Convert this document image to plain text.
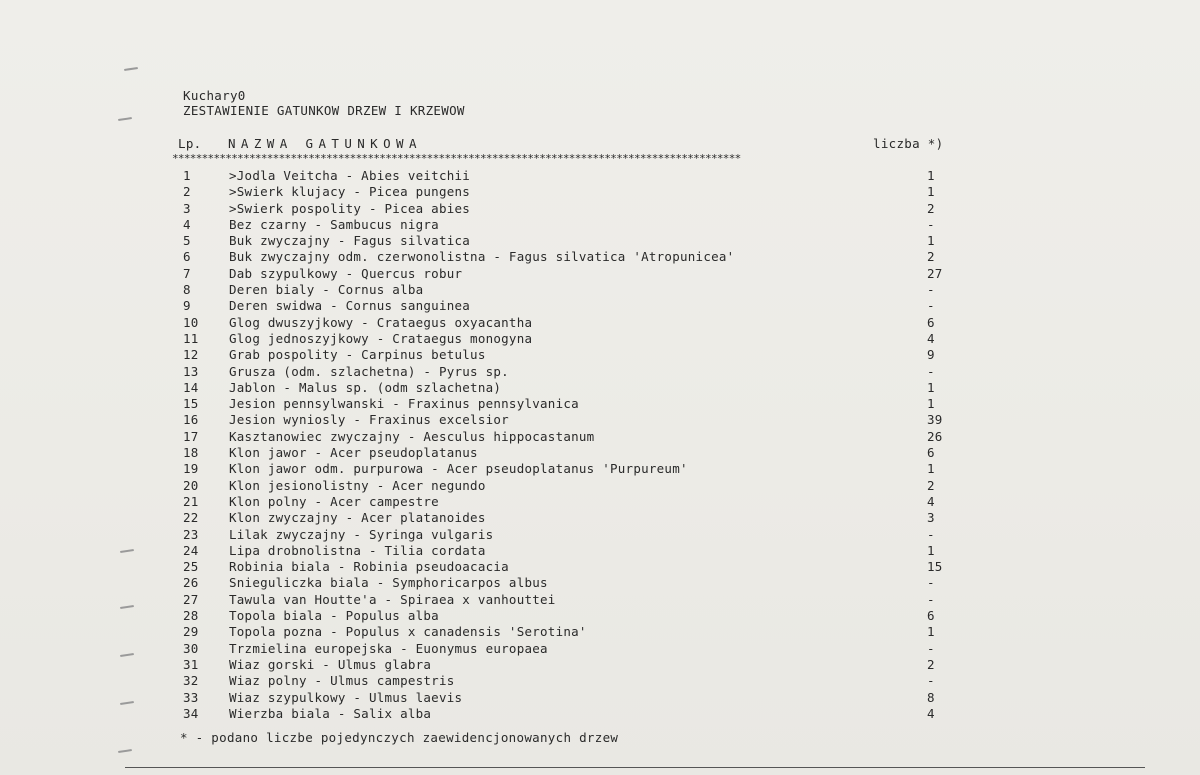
Kuchary0
ZESTAWIENIE GATUNKOW DRZEW I KRZEWOW
Lp. NAZWA GATUNKOWA	liczba *)
************************************************************************************************
1	>Jodla Veitcha - Abies veitchii	1
2	>Swierk klujacy - Picea pungens	1
3	>Swierk pospolity - Picea abies	2
4	Bez czarny - Sambucus nigra	-
5	Buk zwyczajny - Fagus silvatica	1
6	Buk zwyczajny odm. czerwonolistna - Fagus silvatica 'Atropunicea'	2
7	Dab szypulkowy - Quercus robur	27
8	Deren bialy - Cornus alba	-
9	Deren swidwa - Cornus sanguinea	-
10	Glog dwuszyjkowy - Crataegus oxyacantha	6
11	Glog jednoszyjkowy - Crataegus monogyna	4
12	Grab pospolity - Carpinus betulus	9
13	Grusza (odm. szlachetna) - Pyrus sp.	-
14	Jablon - Malus sp. (odm szlachetna)	1
15	Jesion pennsylwanski - Fraxinus pennsylvanica	1
16	Jesion wyniosly - Fraxinus excelsior	39
17	Kasztanowiec zwyczajny - Aesculus hippocastanum	26
18	Klon jawor - Acer pseudoplatanus	6
19	Klon jawor odm. purpurowa - Acer pseudoplatanus 'Purpureum'	1
20	Klon jesionolistny - Acer negundo	2
21	Klon polny - Acer campestre	4
22	Klon zwyczajny - Acer platanoides	3
23	Lilak zwyczajny - Syringa vulgaris	-
24	Lipa drobnolistna - Tilia cordata	1
25	Robinia biala - Robinia pseudoacacia	15
26	Snieguliczka biala - Symphoricarpos albus	-
27	Tawula van Houtte'a - Spiraea x vanhouttei	-
28	Topola biala - Populus alba	6
29	Topola pozna - Populus x canadensis 'Serotina'	1
30	Trzmielina europejska - Euonymus europaea	-
31	Wiaz gorski - Ulmus glabra	2
32	Wiaz polny - Ulmus campestris	-
33	Wiaz szypulkowy - Ulmus laevis	8
34	Wierzba biala - Salix alba	4
* - podano liczbe pojedynczych zaewidencjonowanych drzew
